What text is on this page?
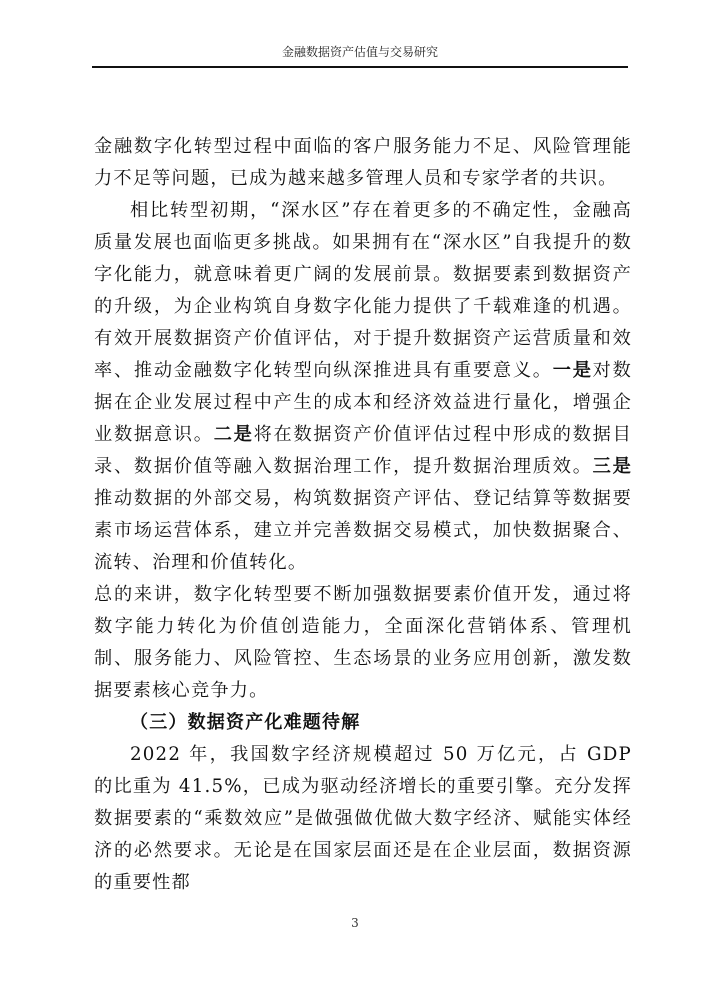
金融数据资产估值与交易研究

金融数字化转型过程中面临的客户服务能力不足、风险管理能力不足等问题，已成为越来越多管理人员和专家学者的共识。

相比转型初期，“深水区”存在着更多的不确定性，金融高质量发展也面临更多挑战。如果拥有在“深水区”自我提升的数字化能力，就意味着更广阔的发展前景。数据要素到数据资产的升级，为企业构筑自身数字化能力提供了千载难逢的机遇。有效开展数据资产价值评估，对于提升数据资产运营质量和效率、推动金融数字化转型向纵深推进具有重要意义。一是对数据在企业发展过程中产生的成本和经济效益进行量化，增强企业数据意识。二是将在数据资产价值评估过程中形成的数据目录、数据价值等融入数据治理工作，提升数据治理质效。三是推动数据的外部交易，构筑数据资产评估、登记结算等数据要素市场运营体系，建立并完善数据交易模式，加快数据聚合、流转、治理和价值转化。

总的来讲，数字化转型要不断加强数据要素价值开发，通过将数字能力转化为价值创造能力，全面深化营销体系、管理机制、服务能力、风险管控、生态场景的业务应用创新，激发数据要素核心竞争力。

（三）数据资产化难题待解

2022 年，我国数字经济规模超过 50 万亿元，占 GDP 的比重为 41.5%，已成为驱动经济增长的重要引擎。充分发挥数据要素的“乘数效应”是做强做优做大数字经济、赋能实体经济的必然要求。无论是在国家层面还是在企业层面，数据资源的重要性都

3
